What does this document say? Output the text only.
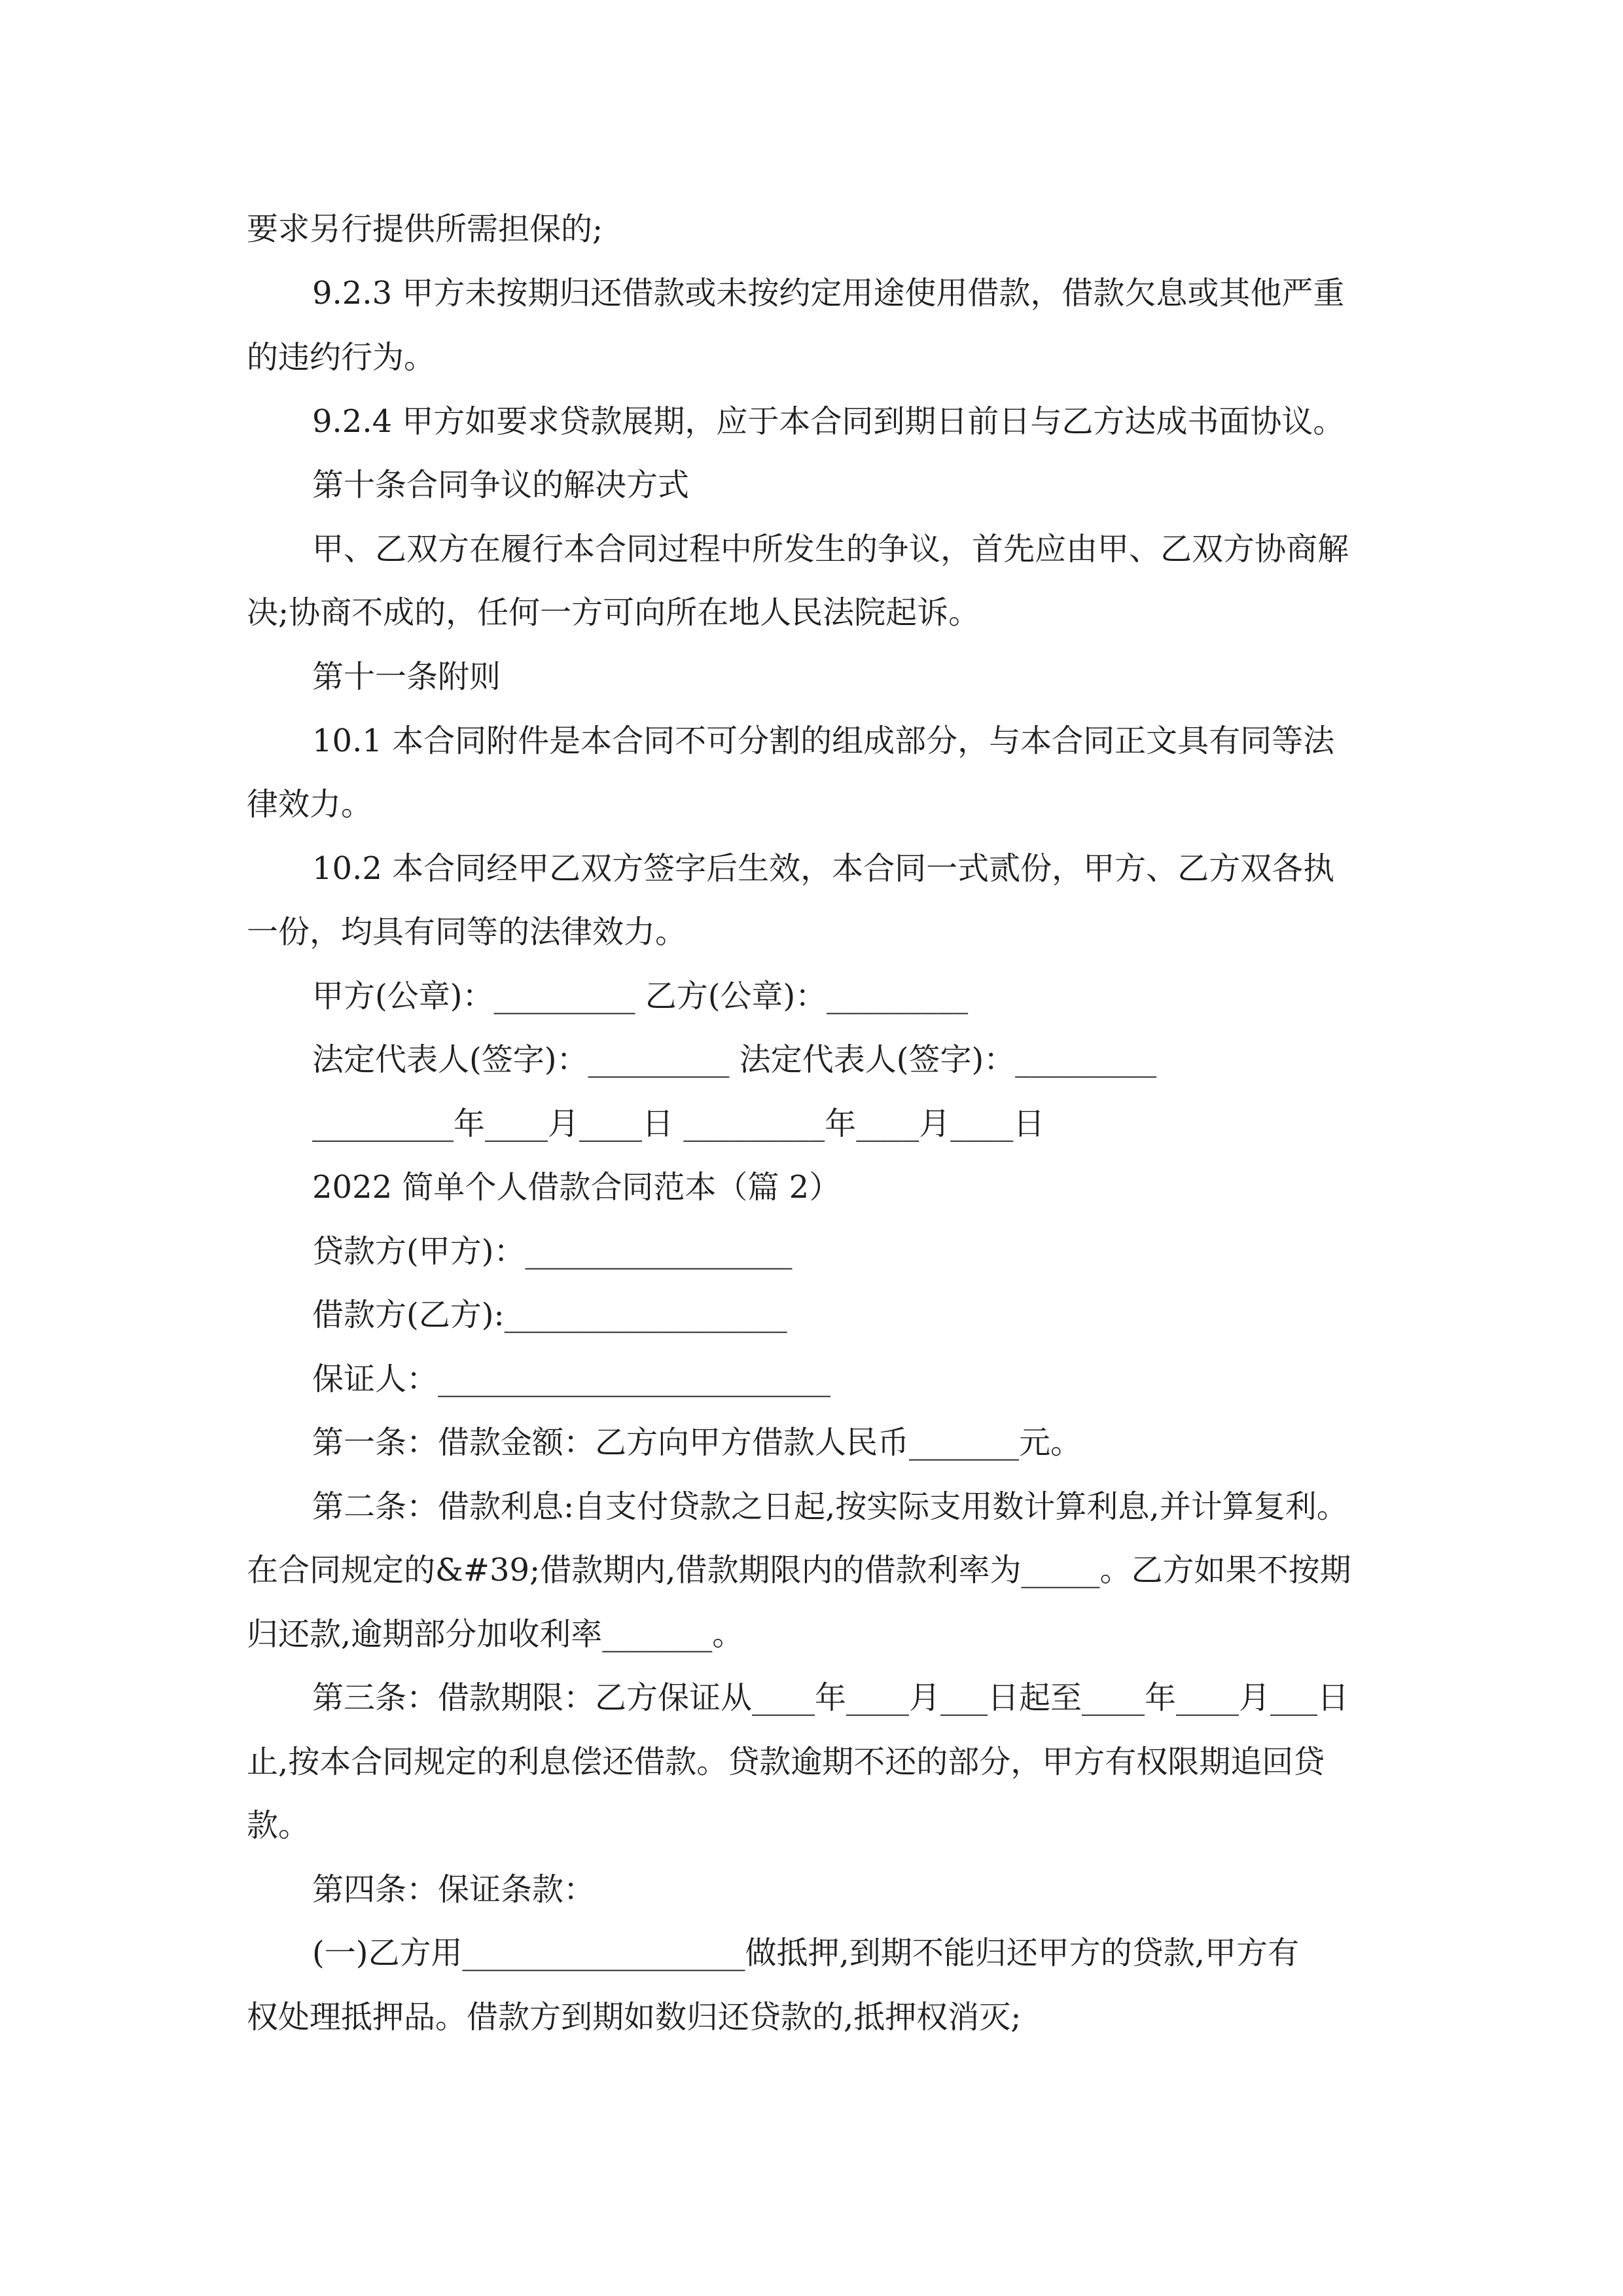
要求另行提供所需担保的;
9.2.3 甲方未按期归还借款或未按约定用途使用借款，借款欠息或其他严重
的违约行为。
9.2.4 甲方如要求贷款展期，应于本合同到期日前日与乙方达成书面协议。
第十条合同争议的解决方式
甲、乙双方在履行本合同过程中所发生的争议，首先应由甲、乙双方协商解
决;协商不成的，任何一方可向所在地人民法院起诉。
第十一条附则
10.1 本合同附件是本合同不可分割的组成部分，与本合同正文具有同等法
律效力。
10.2 本合同经甲乙双方签字后生效，本合同一式贰份，甲方、乙方双各执
一份，均具有同等的法律效力。
甲方(公章)：_________ 乙方(公章)：_________
法定代表人(签字)：_________ 法定代表人(签字)：_________
_________年____月____日 _________年____月____日
2022 简单个人借款合同范本（篇 2）
贷款方(甲方)：_________________
借款方(乙方):__________________
保证人：_________________________
第一条：借款金额：乙方向甲方借款人民币_______元。
第二条：借款利息:自支付贷款之日起,按实际支用数计算利息,并计算复利。
在合同规定的&#39;借款期内,借款期限内的借款利率为_____。乙方如果不按期
归还款,逾期部分加收利率_______。
第三条：借款期限：乙方保证从____年____月___日起至____年____月___日
止,按本合同规定的利息偿还借款。贷款逾期不还的部分，甲方有权限期追回贷
款。
第四条：保证条款：
(一)乙方用__________________做抵押,到期不能归还甲方的贷款,甲方有
权处理抵押品。借款方到期如数归还贷款的,抵押权消灭;
